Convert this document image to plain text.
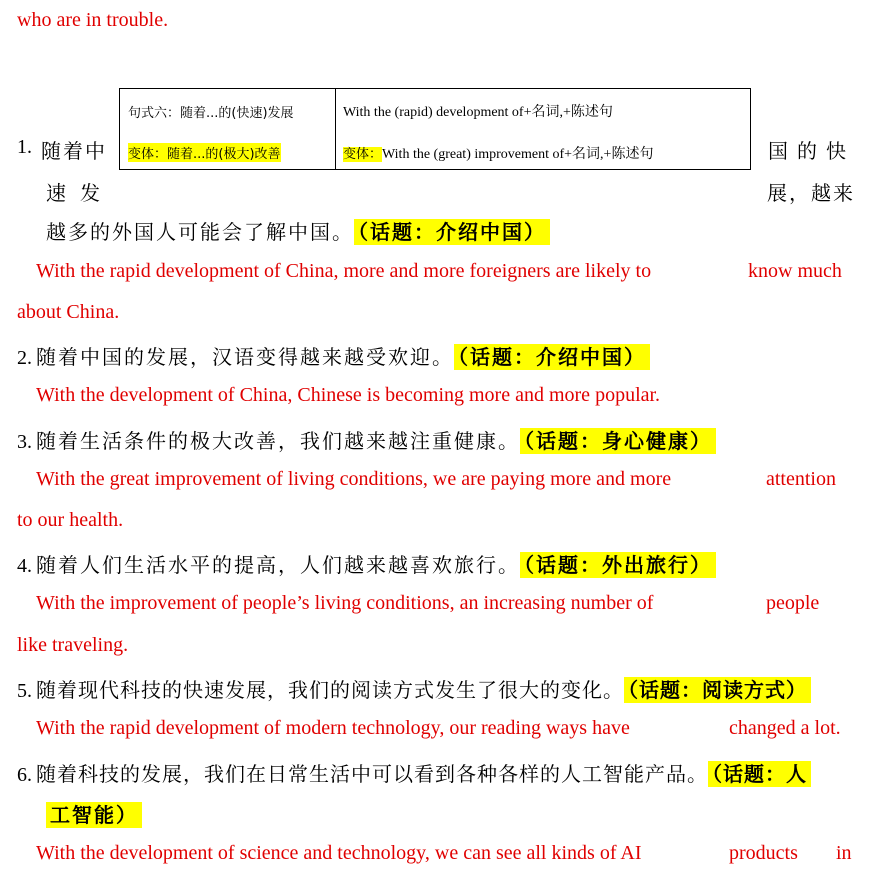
who are in trouble.
句式六：随着...的(快速)发展	With the (rapid) development of+名词,+陈述句
变体：随着...的(极大)改善	变体：With the (great) improvement of+名词,+陈述句
1. 随着中	国的快
速发	展，越来
越多的外国人可能会了解中国。 （话题：介绍中国）
With the rapid development of China, more and more foreigners are likely to	know much
about China.
2. 随着中国的发展，汉语变得越来越受欢迎。 （话题：介绍中国）
With the development of China, Chinese is becoming more and more popular.
3. 随着生活条件的极大改善，我们越来越注重健康。 （话题：身心健康）
With the great improvement of living conditions, we are paying more and more	attention
to our health.
4. 随着人们生活水平的提高，人们越来越喜欢旅行。 （话题：外出旅行）
With the improvement of people’s living conditions, an increasing number of	people
like traveling.
5. 随着现代科技的快速发展，我们的阅读方式发生了很大的变化。 （话题：阅读方式）
With the rapid development of modern technology, our reading ways have	changed a lot.
6. 随着科技的发展，我们在日常生活中可以看到各种各样的人工智能产品。 （话题：人
工智能）
With the development of science and technology, we can see all kinds of AI	products in
